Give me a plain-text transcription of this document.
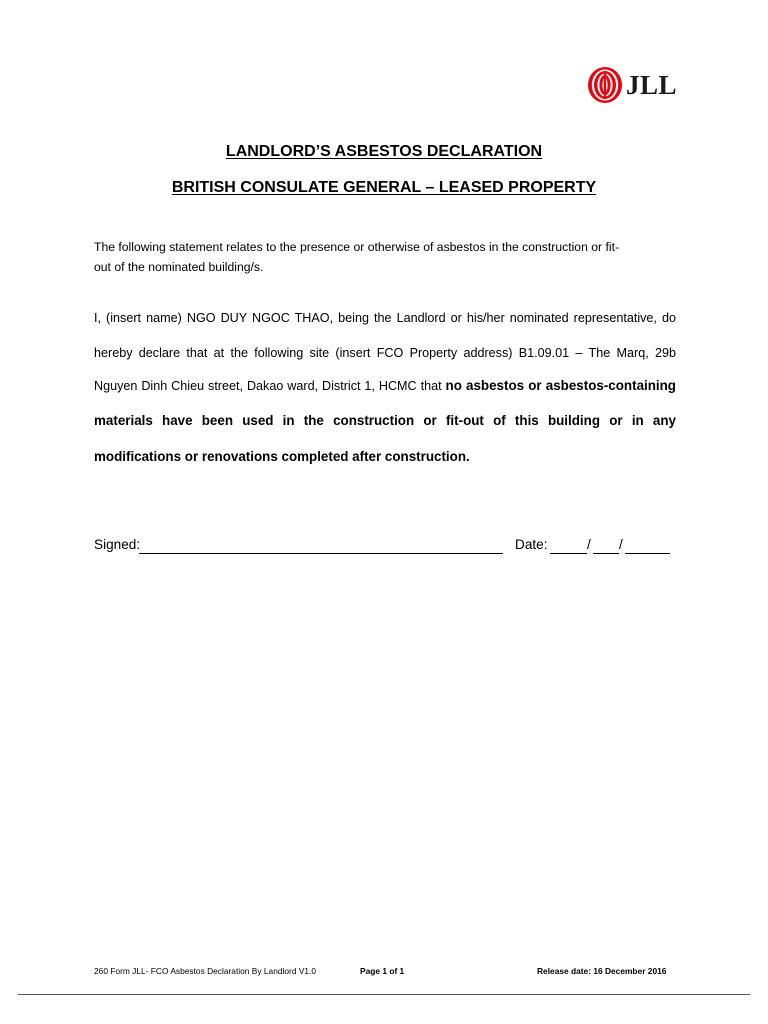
JLL
LANDLORD’S ASBESTOS DECLARATION
BRITISH CONSULATE GENERAL – LEASED PROPERTY
The following statement relates to the presence or otherwise of asbestos in the construction or fit-
out of the nominated building/s.
I, (insert name) NGO DUY NGOC THAO, being the Landlord or his/her nominated representative, do
hereby declare that at the following site (insert FCO Property address) B1.09.01 – The Marq, 29b
Nguyen Dinh Chieu street, Dakao ward, District 1, HCMC that no asbestos or asbestos-containing
materials have been used in the construction or fit-out of this building or in any
modifications or renovations completed after construction.
Signed:	Date:	/ /
260 Form JLL- FCO Asbestos Declaration By Landlord V1.0	Page 1 of 1	Release date: 16 December 2016
